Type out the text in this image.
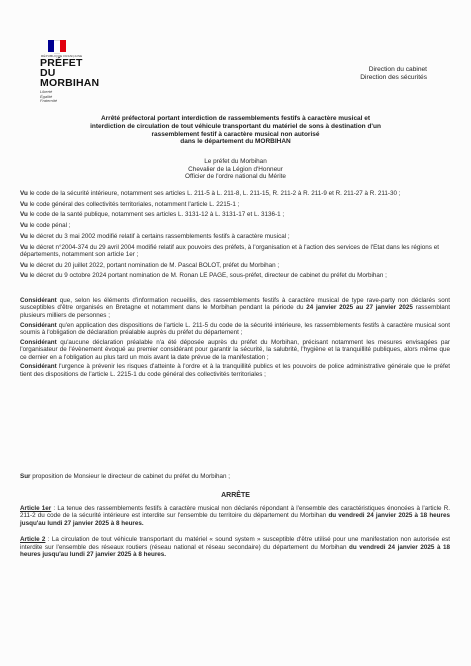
RÉPUBLIQUE FRANÇAISE
PRÉFET
DU MORBIHAN
Liberté
Égalité
Fraternité
Direction du cabinet
Direction des sécurités
Arrêté préfectoral portant interdiction de rassemblements festifs à caractère musical et
interdiction de circulation de tout véhicule transportant du matériel de sons à destination d'un
rassemblement festif à caractère musical non autorisé
dans le département du MORBIHAN
Le préfet du Morbihan
Chevalier de la Légion d'Honneur
Officier de l'ordre national du Mérite
Vu le code de la sécurité intérieure, notamment ses articles L. 211-5 à L. 211-8, L. 211-15, R. 211-2 à R. 211-9 et R. 211-27 à R. 211-30 ;
Vu le code général des collectivités territoriales, notamment l'article L. 2215-1 ;
Vu le code de la santé publique, notamment ses articles L. 3131-12 à L. 3131-17 et L. 3136-1 ;
Vu le code pénal ;
Vu le décret du 3 mai 2002 modifié relatif à certains rassemblements festifs à caractère musical ;
Vu le décret n°2004-374 du 29 avril 2004 modifié relatif aux pouvoirs des préfets, à l'organisation et à l'action des services de l'Etat dans les régions et départements, notamment son article 1er ;
Vu le décret du 20 juillet 2022, portant nomination de M. Pascal BOLOT, préfet du Morbihan ;
Vu le décret du 9 octobre 2024 portant nomination de M. Ronan LE PAGE, sous-préfet, directeur de cabinet du préfet du Morbihan ;

Considérant que, selon les éléments d'information recueillis, des rassemblements festifs à caractère musical de type rave-party non déclarés sont susceptibles d'être organisés en Bretagne et notamment dans le Morbihan pendant la période du 24 janvier 2025 au 27 janvier 2025 rassemblant plusieurs milliers de personnes ;

Considérant qu'en application des dispositions de l'article L. 211-5 du code de la sécurité intérieure, les rassemblements festifs à caractère musical sont soumis à l'obligation de déclaration préalable auprès du préfet du département ;

Considérant qu'aucune déclaration préalable n'a été déposée auprès du préfet du Morbihan, précisant notamment les mesures envisagées par l'organisateur de l'évènement évoqué au premier considérant pour garantir la sécurité, la salubrité, l'hygiène et la tranquillité publiques, alors même que ce dernier en a l'obligation au plus tard un mois avant la date prévue de la manifestation ;

Considérant l'urgence à prévenir les risques d'atteinte à l'ordre et à la tranquillité publics et les pouvoirs de police administrative générale que le préfet tient des dispositions de l'article L. 2215-1 du code général des collectivités territoriales ;

Sur proposition de Monsieur le directeur de cabinet du préfet du Morbihan ;
ARRÊTE

Article 1er : La tenue des rassemblements festifs à caractère musical non déclarés répondant à l'ensemble des caractéristiques énoncées à l'article R. 211-2 du code de la sécurité intérieure est interdite sur l'ensemble du territoire du département du Morbihan du vendredi 24 janvier 2025 à 18 heures jusqu'au lundi 27 janvier 2025 à 8 heures.

Article 2 : La circulation de tout véhicule transportant du matériel « sound system » susceptible d'être utilisé pour une manifestation non autorisée est interdite sur l'ensemble des réseaux routiers (réseau national et réseau secondaire) du département du Morbihan du vendredi 24 janvier 2025 à 18 heures jusqu'au lundi 27 janvier 2025 à 8 heures.
